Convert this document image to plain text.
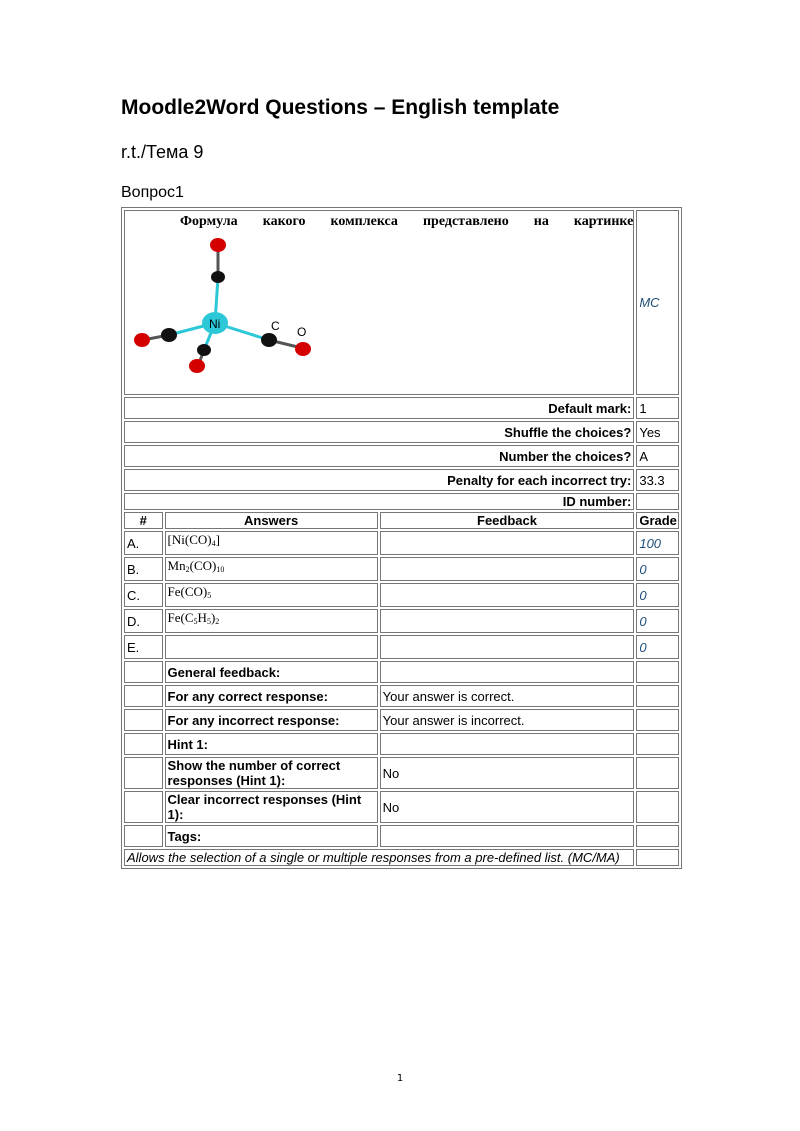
Moodle2Word Questions – English template
r.t./Тема 9
Вопрос1
Формула какого комплекса представлено на картинке
Ni C O			MC
Default mark:			1
Shuffle the choices?			Yes
Number the choices?			A
Penalty for each incorrect try:			33.3
ID number:			
#	Answers	Feedback	Grade
A.	$[Ni(CO)_4]$		100
B.	$Mn_2(CO)_{10}$		0
C.	$Fe(CO)_5$		0
D.	$Fe(C_5H_5)_2$		0
E.			0
	General feedback:		
	For any correct response:	Your answer is correct.	
	For any incorrect response:	Your answer is incorrect.	
	Hint 1:		
	Show the number of correct responses (Hint 1):	No	
	Clear incorrect responses (Hint 1):	No	
	Tags:		
Allows the selection of a single or multiple responses from a pre-defined list. (MC/MA)			
1
